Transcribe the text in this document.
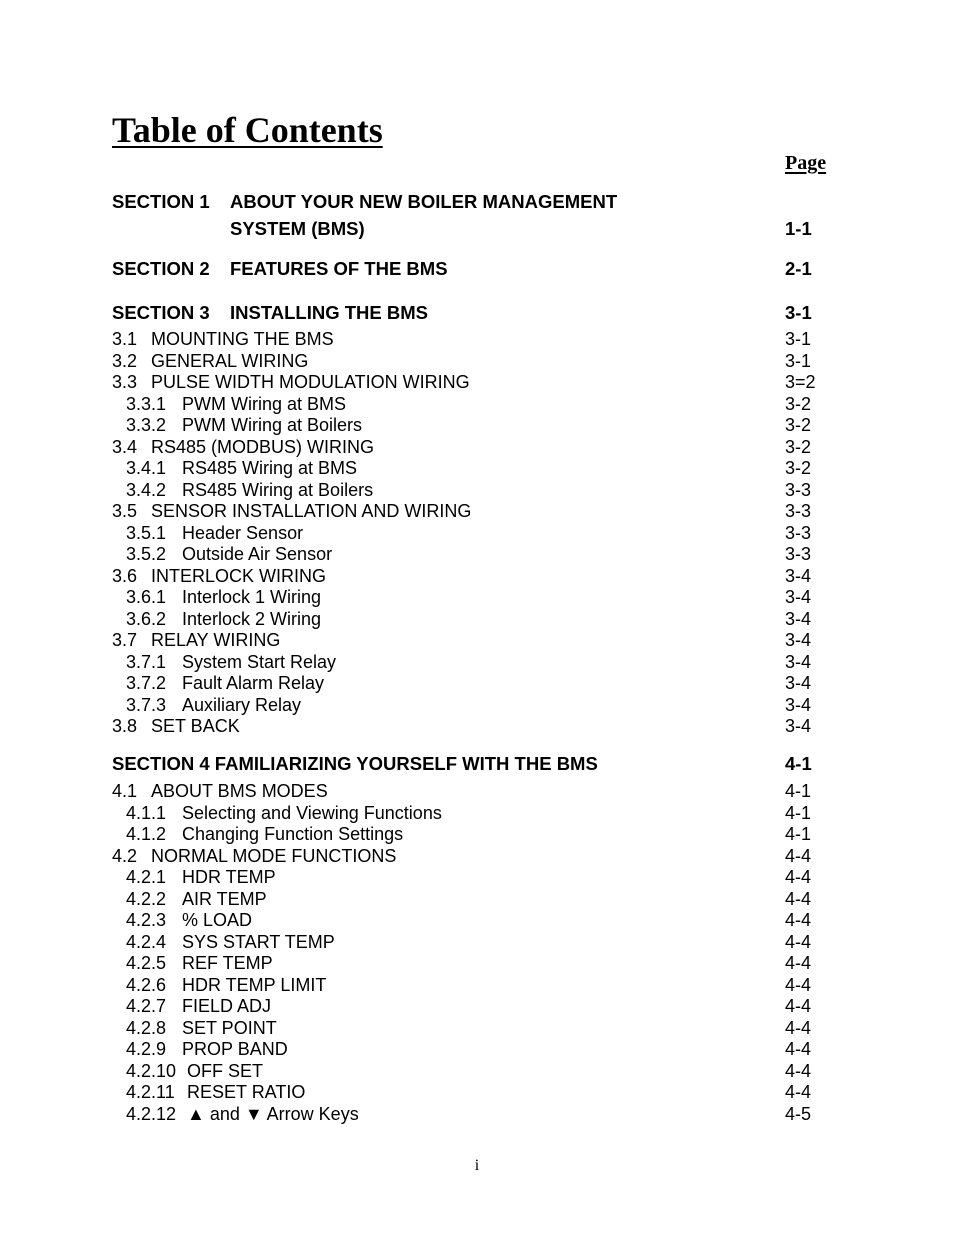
Table of Contents
Page
SECTION 1 ABOUT YOUR NEW BOILER MANAGEMENT
SYSTEM (BMS)	1-1
SECTION 2 FEATURES OF THE BMS	2-1
SECTION 3 INSTALLING THE BMS	3-1
3.1 MOUNTING THE BMS	3-1
3.2 GENERAL WIRING	3-1
3.3 PULSE WIDTH MODULATION WIRING	3=2
3.3.1 PWM Wiring at BMS	3-2
3.3.2 PWM Wiring at Boilers	3-2
3.4 RS485 (MODBUS) WIRING	3-2
3.4.1 RS485 Wiring at BMS	3-2
3.4.2 RS485 Wiring at Boilers	3-3
3.5 SENSOR INSTALLATION AND WIRING	3-3
3.5.1 Header Sensor	3-3
3.5.2 Outside Air Sensor	3-3
3.6 INTERLOCK WIRING	3-4
3.6.1 Interlock 1 Wiring	3-4
3.6.2 Interlock 2 Wiring	3-4
3.7 RELAY WIRING	3-4
3.7.1 System Start Relay	3-4
3.7.2 Fault Alarm Relay	3-4
3.7.3 Auxiliary Relay	3-4
3.8 SET BACK	3-4
SECTION 4 FAMILIARIZING YOURSELF WITH THE BMS	4-1
4.1 ABOUT BMS MODES	4-1
4.1.1 Selecting and Viewing Functions	4-1
4.1.2 Changing Function Settings	4-1
4.2 NORMAL MODE FUNCTIONS	4-4
4.2.1 HDR TEMP	4-4
4.2.2 AIR TEMP	4-4
4.2.3 % LOAD	4-4
4.2.4 SYS START TEMP	4-4
4.2.5 REF TEMP	4-4
4.2.6 HDR TEMP LIMIT	4-4
4.2.7 FIELD ADJ	4-4
4.2.8 SET POINT	4-4
4.2.9 PROP BAND	4-4
4.2.10 OFF SET	4-4
4.2.11 RESET RATIO	4-4
4.2.12 ▲ and ▼ Arrow Keys	4-5
i
